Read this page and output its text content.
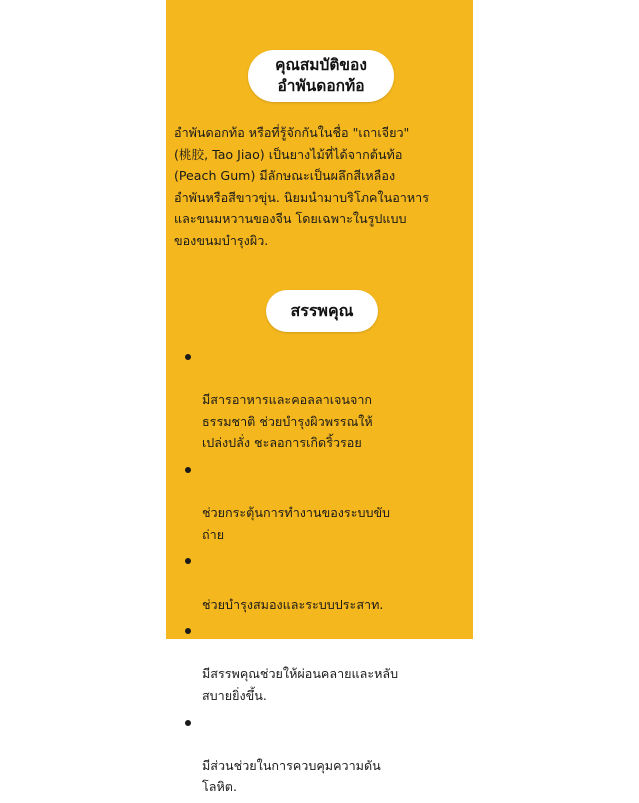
คุณสมบัติของ
อำพันดอกท้อ

อำพันดอกท้อ หรือที่รู้จักกันในชื่อ "เถาเจียว"
(桃胶, Tao Jiao) เป็นยางไม้ที่ได้จากต้นท้อ
(Peach Gum) มีลักษณะเป็นผลึกสีเหลือง
อำพันหรือสีขาวขุ่น. นิยมนำมาบริโภคในอาหาร
และขนมหวานของจีน โดยเฉพาะในรูปแบบ
ของขนมบำรุงผิว.

สรรพคุณ

มีสารอาหารและคอลลาเจนจาก
ธรรมชาติ ช่วยบำรุงผิวพรรณให้
เปล่งปลั่ง ชะลอการเกิดริ้วรอย

ช่วยกระตุ้นการทำงานของระบบขับ
ถ่าย

ช่วยบำรุงสมองและระบบประสาท.

มีสรรพคุณช่วยให้ผ่อนคลายและหลับ
สบายยิ่งขึ้น.

มีส่วนช่วยในการควบคุมความดัน
โลหิต.
